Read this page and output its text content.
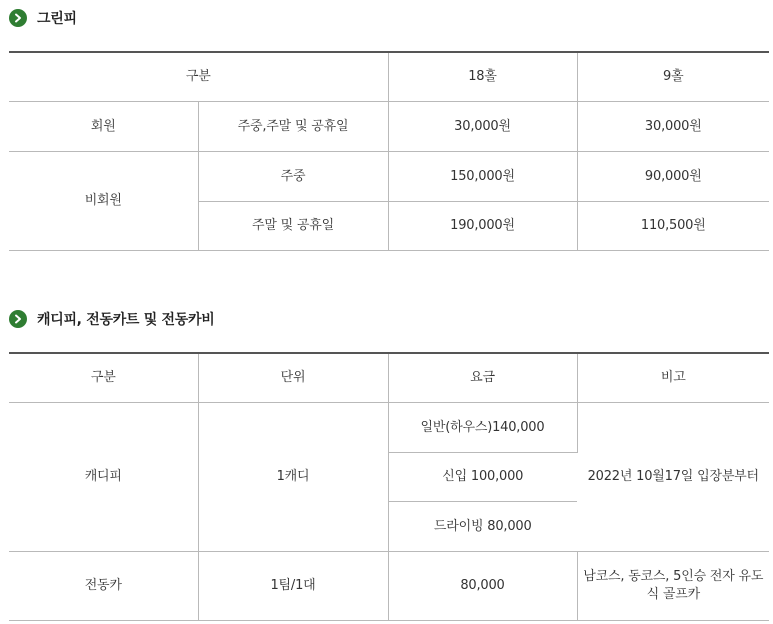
그린피
구분		18홀	9홀
회원	주중,주말 및 공휴일	30,000원	30,000원
비회원	주중	150,000원	90,000원
	주말 및 공휴일	190,000원	110,500원
캐디피, 전동카트 및 전동카비
구분	단위	요금	비고
캐디피	1캐디	일반(하우스)140,000	2022년 10월17일 입장분부터
		신입 100,000	
		드라이빙 80,000	
전동카	1팀/1대	80,000	남코스, 동코스, 5인승 전자 유도식 골프카
